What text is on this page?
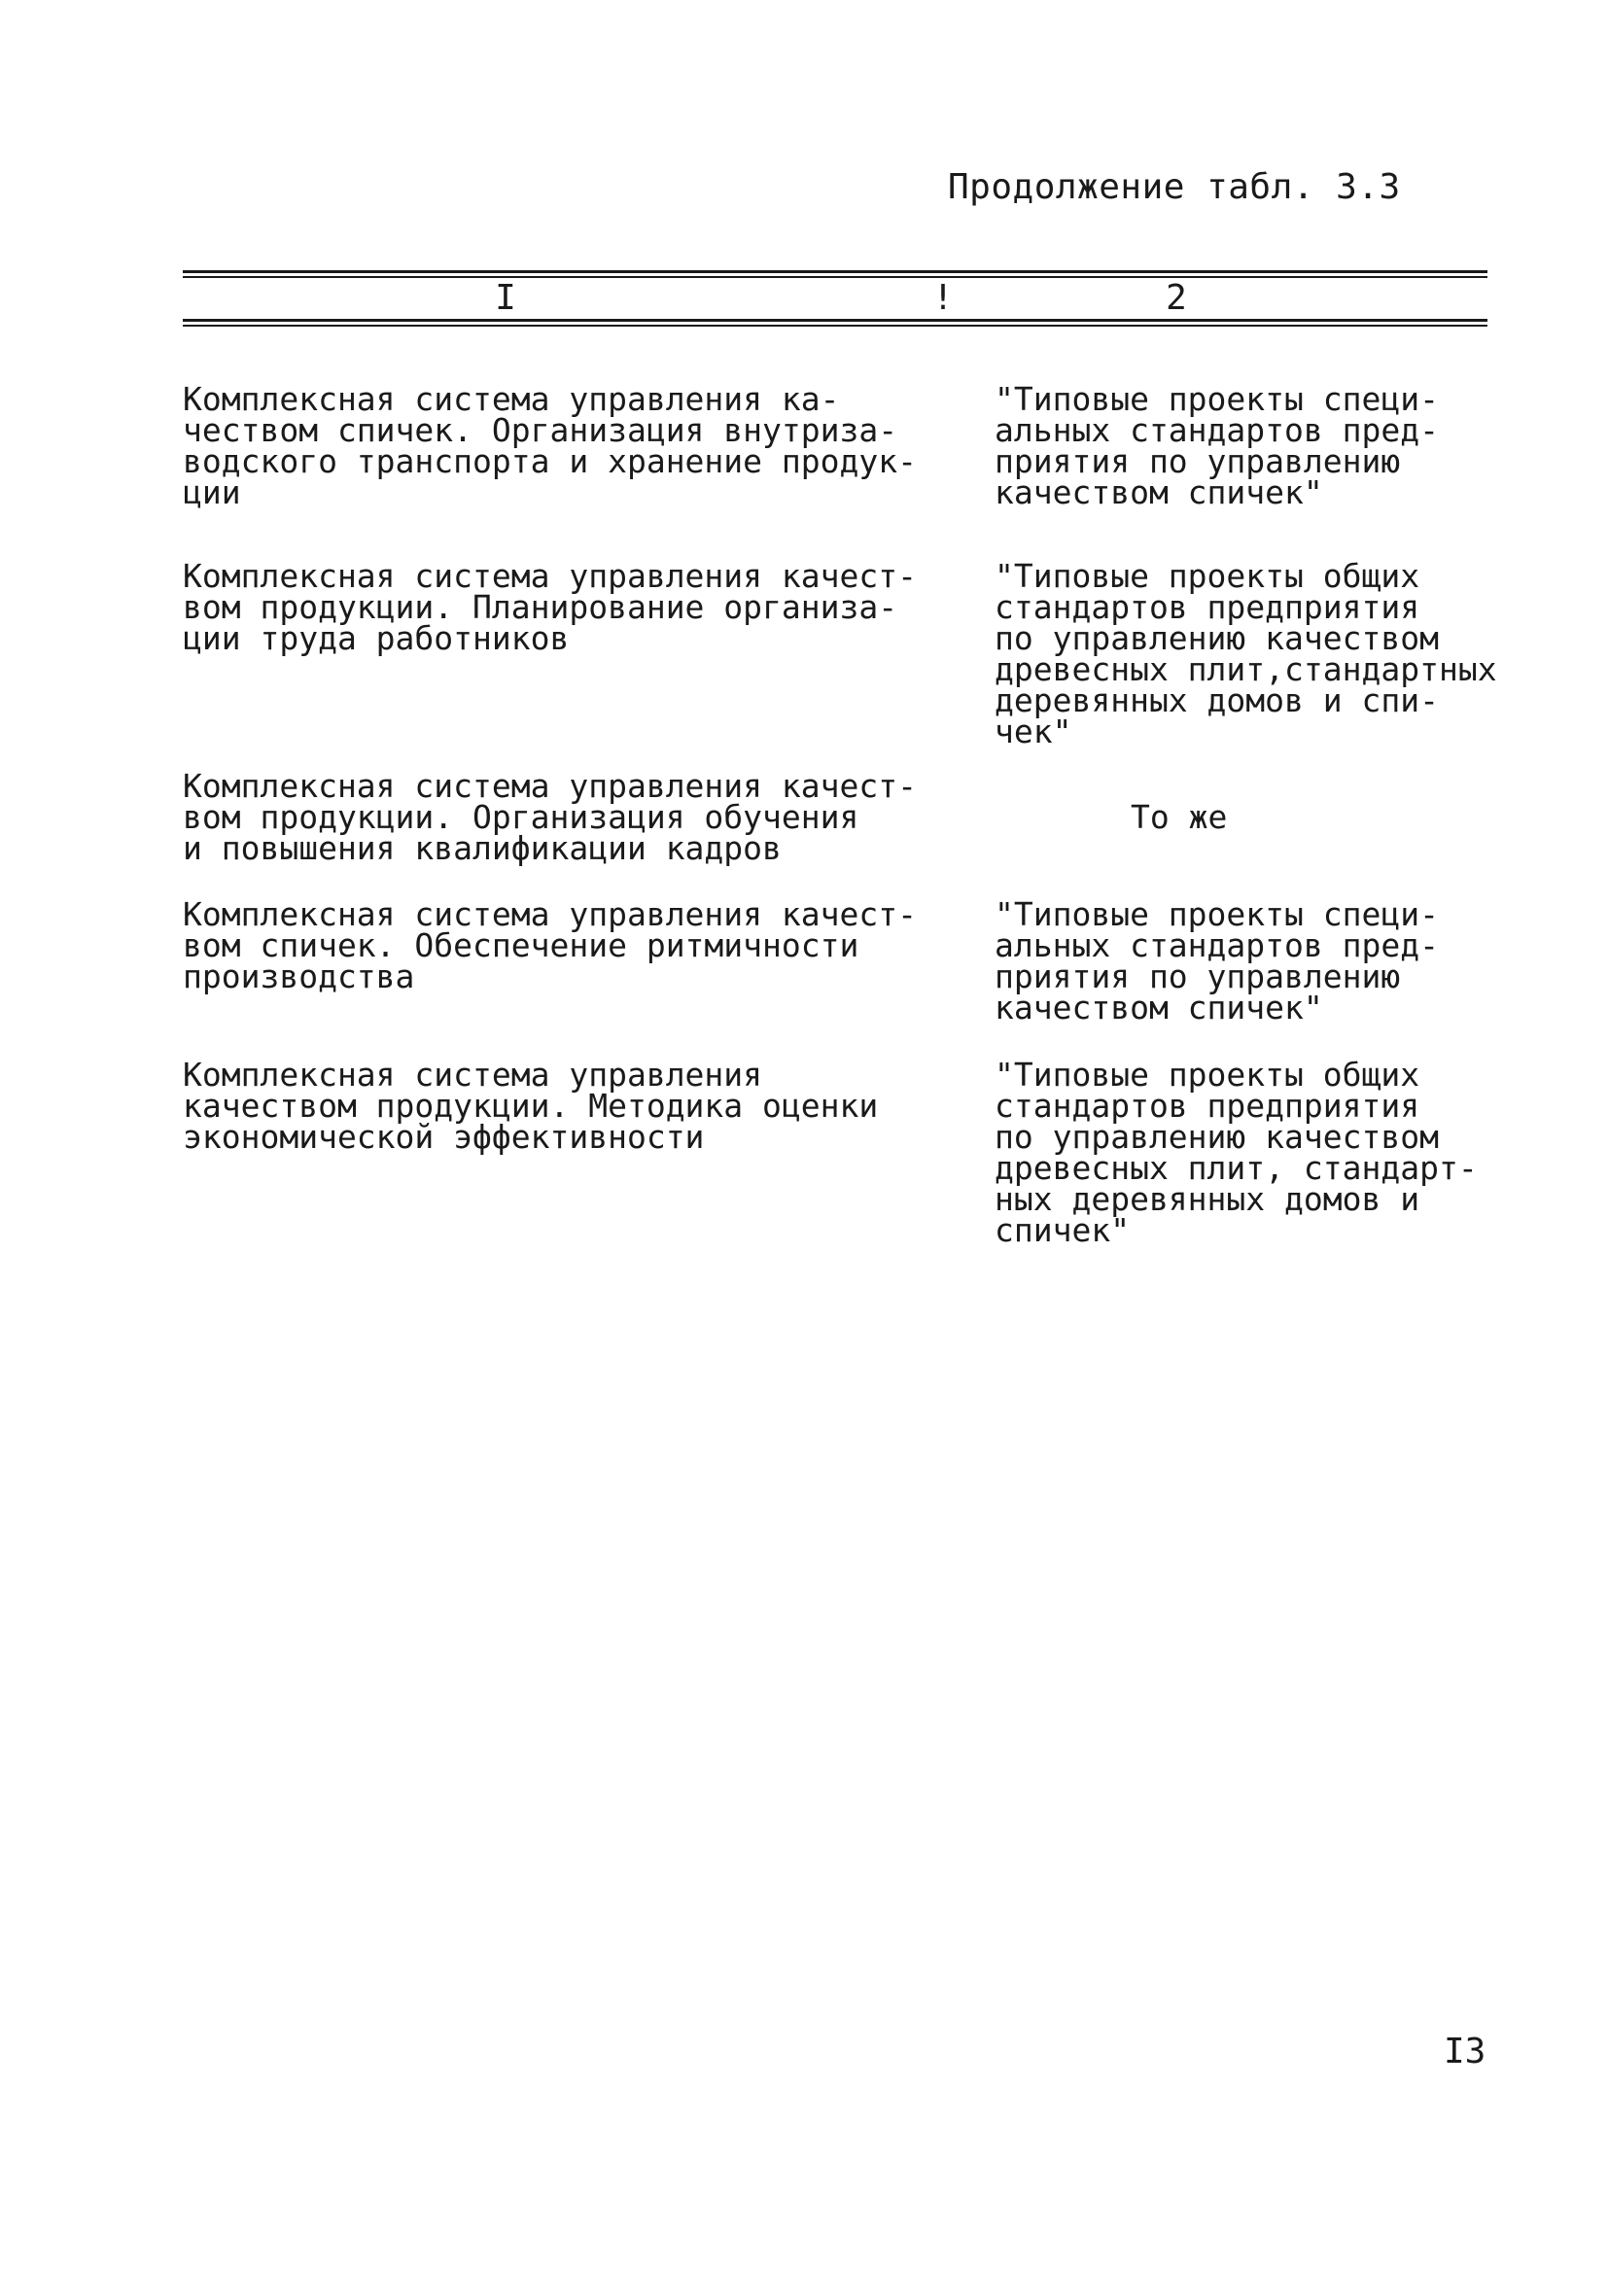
Продолжение табл. 3.3
I	!	2
Комплексная система управления ка-
чеством спичек. Организация внутриза-
водского транспорта и хранение продук-
ции
"Типовые проекты специ-
альных стандартов пред-
приятия по управлению
качеством спичек"
Комплексная система управления качест-
вом продукции. Планирование организа-
ции труда работников
"Типовые проекты общих
стандартов предприятия
по управлению качеством
древесных плит,стандартных
деревянных домов и спи-
чек"
Комплексная система управления качест-
вом продукции. Организация обучения
и повышения квалификации кадров
То же
Комплексная система управления качест-
вом спичек. Обеспечение ритмичности
производства
"Типовые проекты специ-
альных стандартов пред-
приятия по управлению
качеством спичек"
Комплексная система управления
качеством продукции. Методика оценки
экономической эффективности
"Типовые проекты общих
стандартов предприятия
по управлению качеством
древесных плит, стандарт-
ных деревянных домов и
спичек"
I3
